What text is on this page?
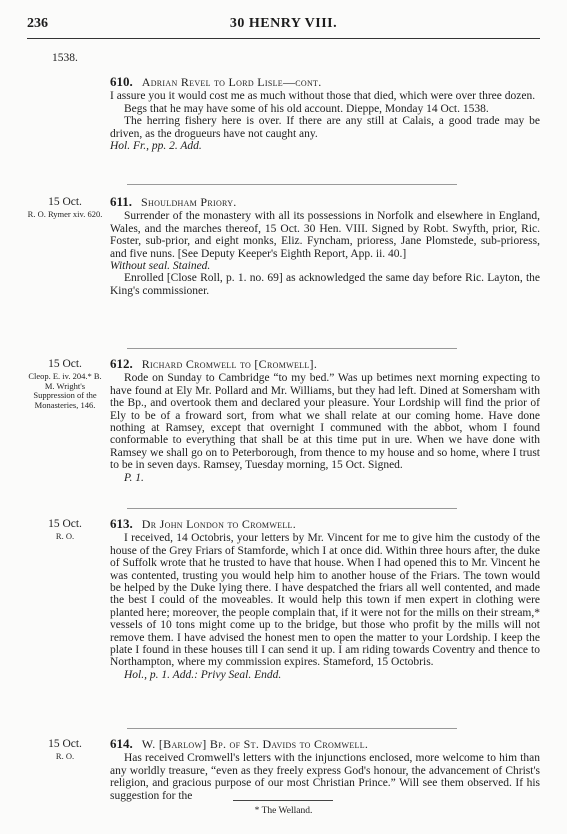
236	30 HENRY VIII.
1538.
610. Adrian Revel to Lord Lisle—cont.

I assure you it would cost me as much without those that died, which were over three dozen.

Begs that he may have some of his old account. Dieppe, Monday 14 Oct. 1538.

The herring fishery here is over. If there are any still at Calais, a good trade may be driven, as the drogueurs have not caught any.

Hol. Fr., pp. 2. Add.

15 Oct.
R. O. Rymer xiv. 620.
611. Shouldham Priory.

Surrender of the monastery with all its possessions in Norfolk and elsewhere in England, Wales, and the marches thereof, 15 Oct. 30 Hen. VIII. Signed by Robt. Swyfth, prior, Ric. Foster, sub-prior, and eight monks, Eliz. Fyncham, prioress, Jane Plomstede, sub-prioress, and five nuns. [See Deputy Keeper's Eighth Report, App. ii. 40.]

Without seal. Stained.

Enrolled [Close Roll, p. 1. no. 69] as acknowledged the same day before Ric. Layton, the King's commissioner.

15 Oct.
Cleop. E. iv. 204.* B. M. Wright's Suppression of the Monasteries, 146.
612. Richard Cromwell to [Cromwell].

Rode on Sunday to Cambridge “to my bed.” Was up betimes next morning expecting to have found at Ely Mr. Pollard and Mr. Williams, but they had left. Dined at Somersham with the Bp., and overtook them and declared your pleasure. Your Lordship will find the prior of Ely to be of a froward sort, from what we shall relate at our coming home. Have done nothing at Ramsey, except that overnight I communed with the abbot, whom I found conformable to everything that shall be at this time put in ure. When we have done with Ramsey we shall go on to Peterborough, from thence to my house and so home, where I trust to be in seven days. Ramsey, Tuesday morning, 15 Oct. Signed.

P. 1.

15 Oct.
R. O.
613. Dr John London to Cromwell.

I received, 14 Octobris, your letters by Mr. Vincent for me to give him the custody of the house of the Grey Friars of Stamforde, which I at once did. Within three hours after, the duke of Suffolk wrote that he trusted to have that house. When I had opened this to Mr. Vincent he was contented, trusting you would help him to another house of the Friars. The town would be helped by the Duke lying there. I have despatched the friars all well contented, and made the best I could of the moveables. It would help this town if men expert in clothing were planted here; moreover, the people complain that, if it were not for the mills on their stream,* vessels of 10 tons might come up to the bridge, but those who profit by the mills will not remove them. I have advised the honest men to open the matter to your Lordship. I keep the plate I found in these houses till I can send it up. I am riding towards Coventry and thence to Northampton, where my commission expires. Stameford, 15 Octobris.

Hol., p. 1. Add.: Privy Seal. Endd.

15 Oct.
R. O.
614. W. [Barlow] Bp. of St. Davids to Cromwell.

Has received Cromwell's letters with the injunctions enclosed, more welcome to him than any worldly treasure, “even as they freely express God's honour, the advancement of Christ's religion, and gracious purpose of our most Christian Prince.” Will see them observed. If his suggestion for the

* The Welland.
